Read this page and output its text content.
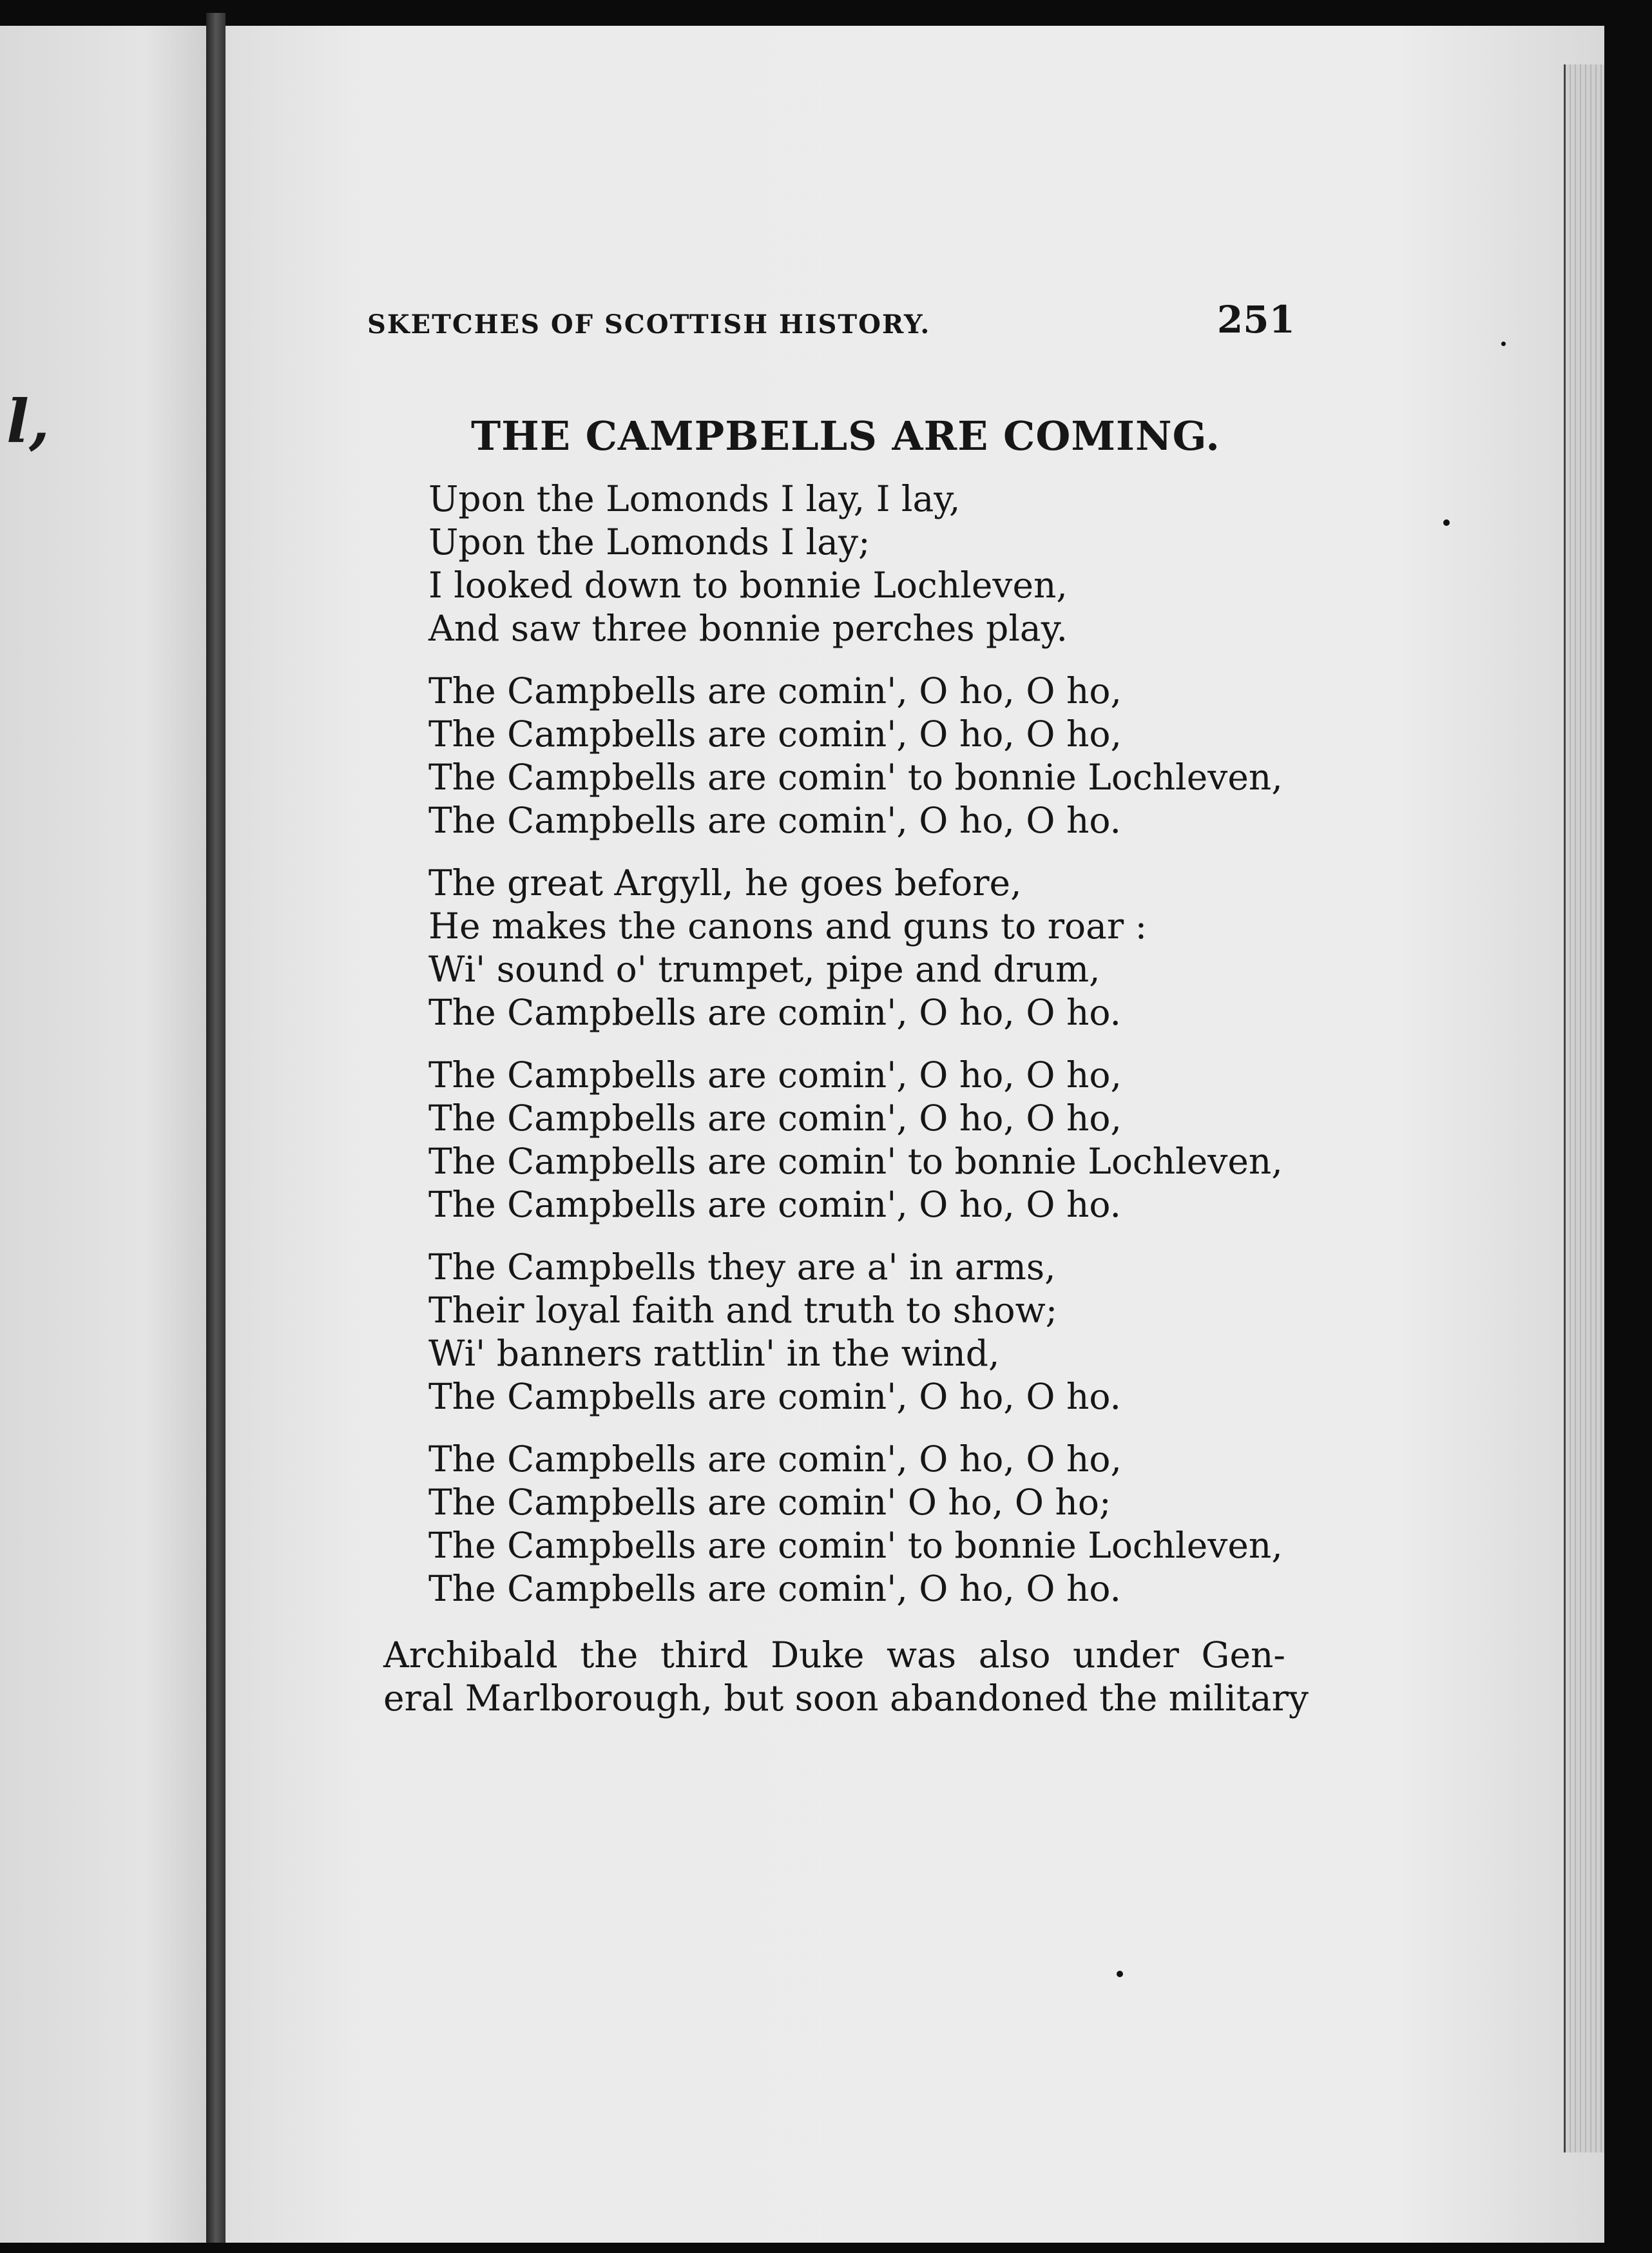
l,
SKETCHES OF SCOTTISH HISTORY.	251
THE CAMPBELLS ARE COMING.
Upon the Lomonds I lay, I lay,
Upon the Lomonds I lay;
I looked down to bonnie Lochleven,
And saw three bonnie perches play.
The Campbells are comin', O ho, O ho,
The Campbells are comin', O ho, O ho,
The Campbells are comin' to bonnie Lochleven,
The Campbells are comin', O ho, O ho.
The great Argyll, he goes before,
He makes the canons and guns to roar :
Wi' sound o' trumpet, pipe and drum,
The Campbells are comin', O ho, O ho.
The Campbells are comin', O ho, O ho,
The Campbells are comin', O ho, O ho,
The Campbells are comin' to bonnie Lochleven,
The Campbells are comin', O ho, O ho.
The Campbells they are a' in arms,
Their loyal faith and truth to show;
Wi' banners rattlin' in the wind,
The Campbells are comin', O ho, O ho.
The Campbells are comin', O ho, O ho,
The Campbells are comin' O ho, O ho;
The Campbells are comin' to bonnie Lochleven,
The Campbells are comin', O ho, O ho.
Archibald the third Duke was also under Gen-
eral Marlborough, but soon abandoned the military
